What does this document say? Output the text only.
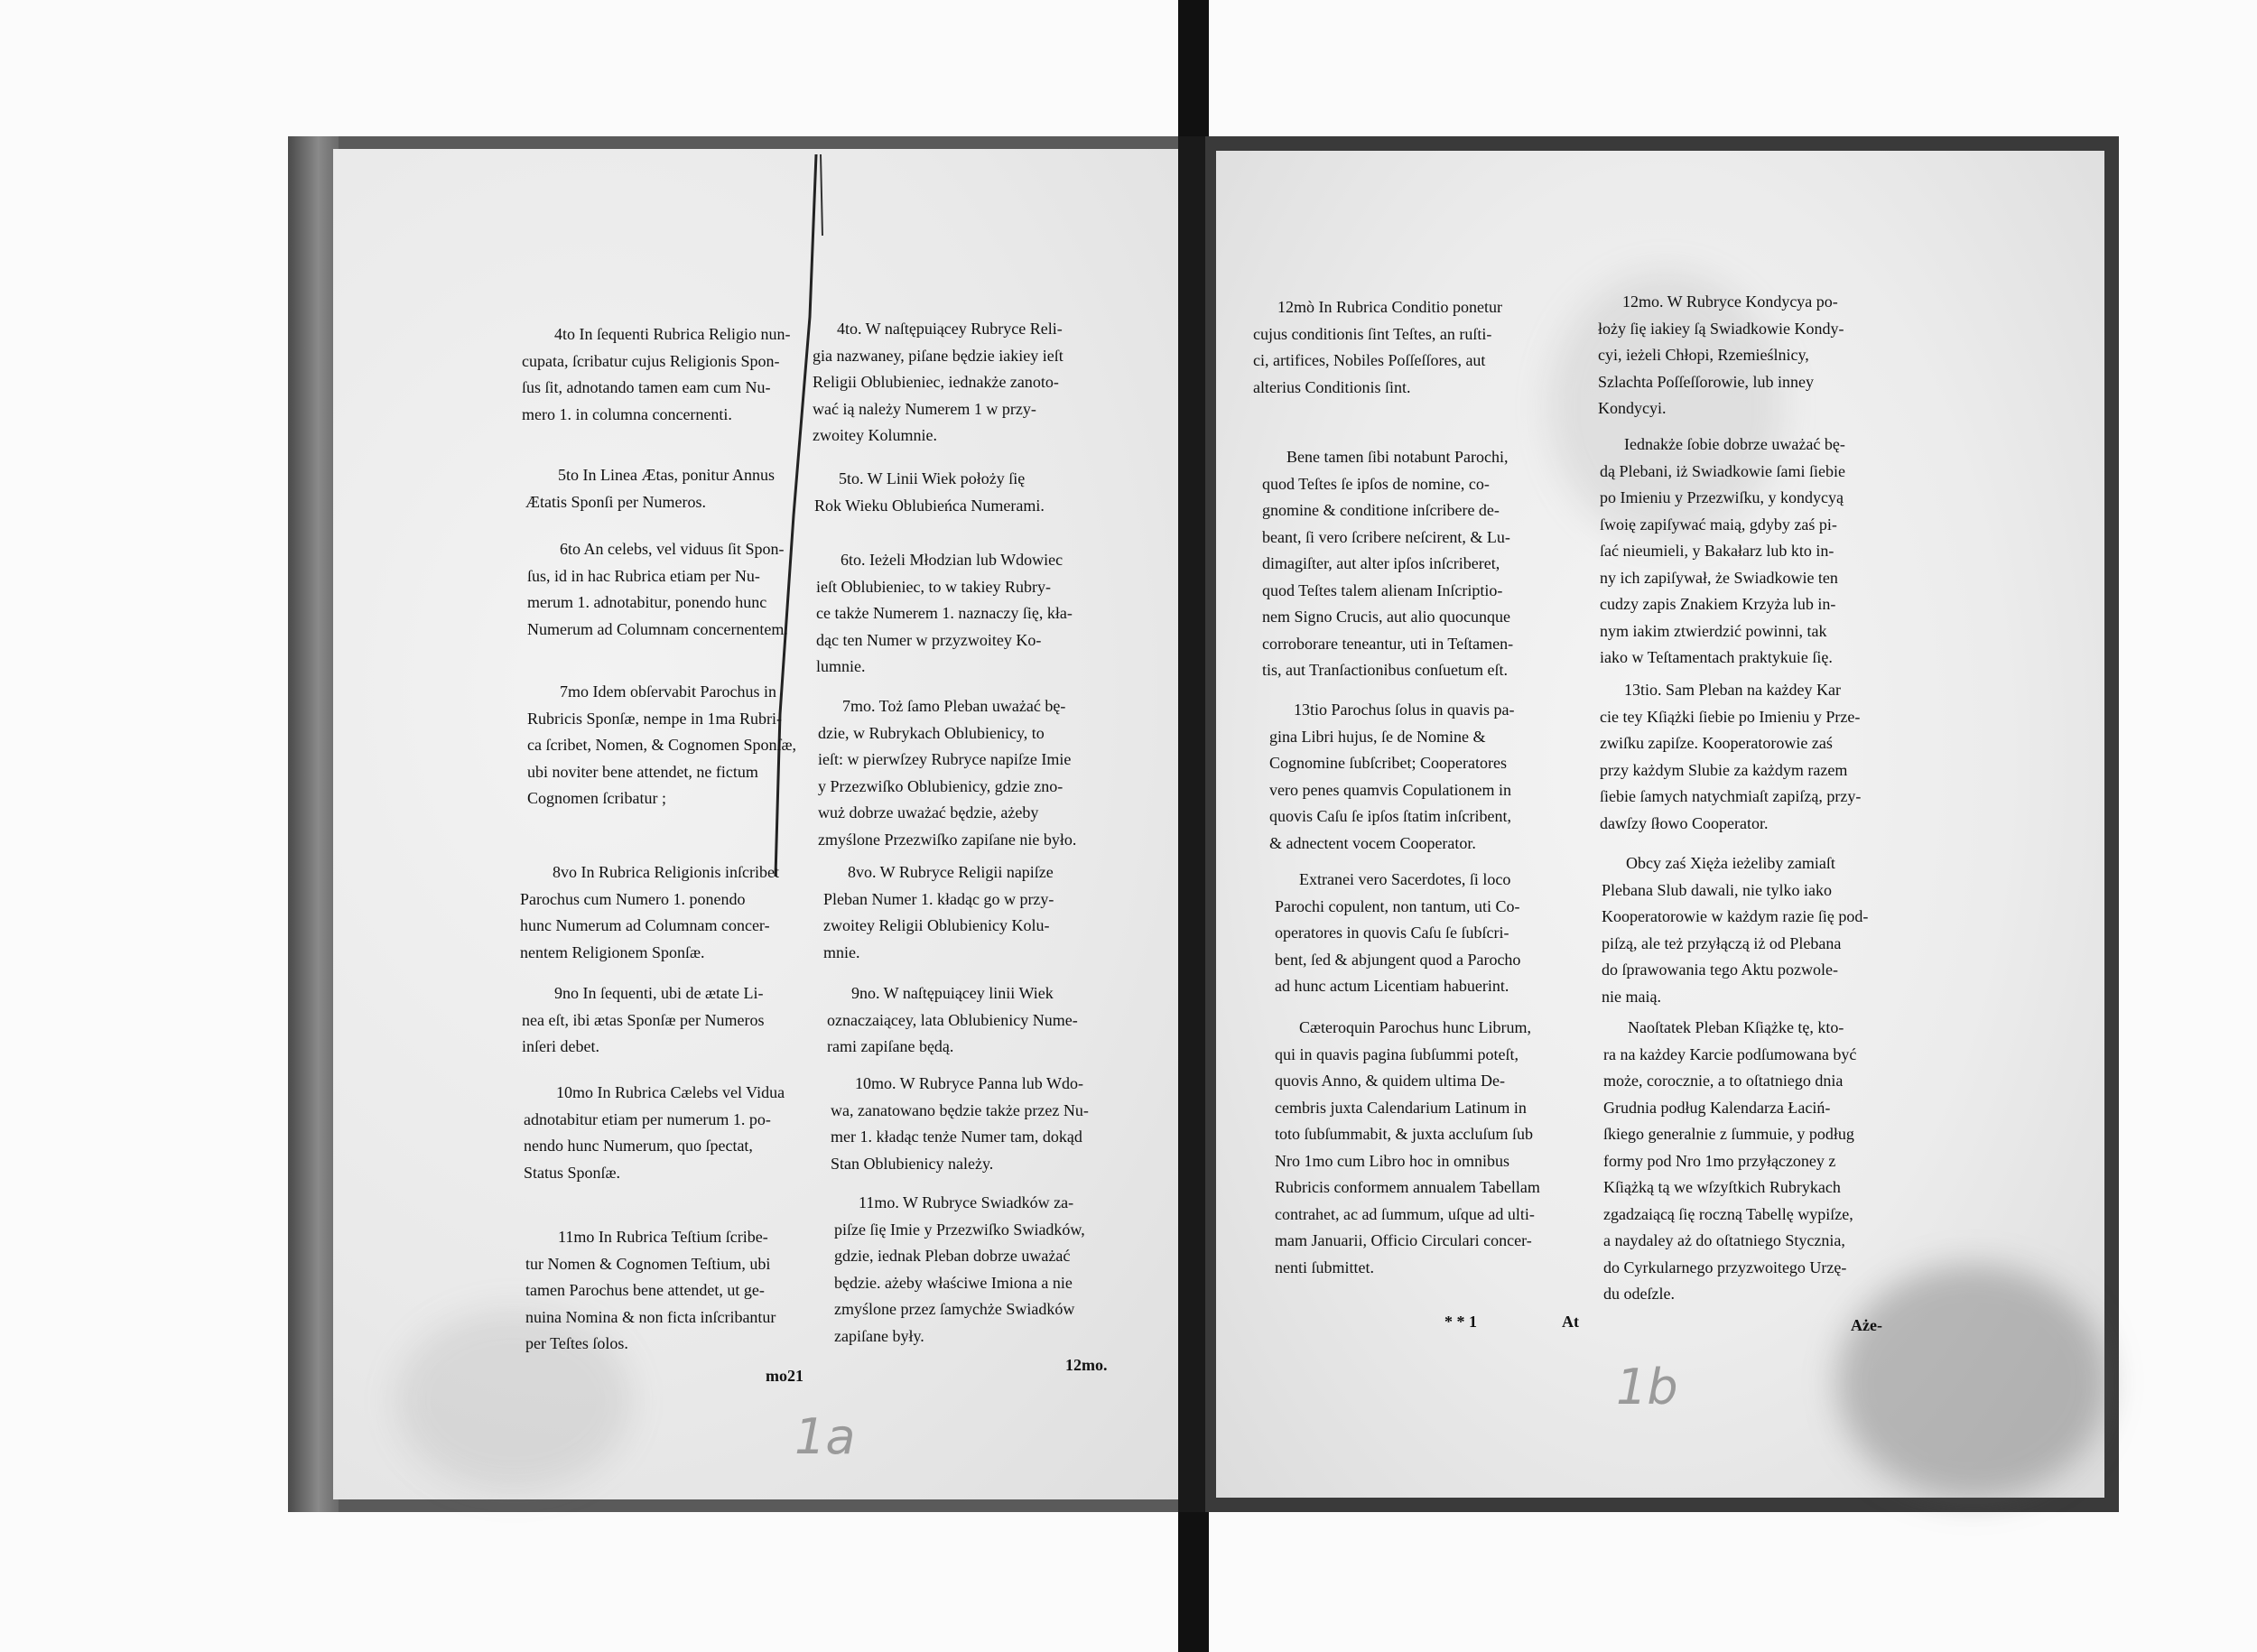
4to In ſequenti Rubrica Religio nun-
cupata, ſcribatur cujus Religionis Spon-
ſus ſit, adnotando tamen eam cum Nu-
mero 1. in columna concernenti.
5to In Linea Ætas, ponitur Annus
Ætatis Sponſi per Numeros.
6to An celebs, vel viduus ſit Spon-
ſus, id in hac Rubrica etiam per Nu-
merum 1. adnotabitur, ponendo hunc
Numerum ad Columnam concernentem.
7mo Idem obſervabit Parochus in
Rubricis Sponſæ, nempe in 1ma Rubri-
ca ſcribet, Nomen, & Cognomen Sponſæ,
ubi noviter bene attendet, ne fictum
Cognomen ſcribatur ;
8vo In Rubrica Religionis inſcribet
Parochus cum Numero 1. ponendo
hunc Numerum ad Columnam concer-
nentem Religionem Sponſæ.
9no In ſequenti, ubi de ætate Li-
nea eſt, ibi ætas Sponſæ per Numeros
inſeri debet.
10mo In Rubrica Cælebs vel Vidua
adnotabitur etiam per numerum 1. po-
nendo hunc Numerum, quo ſpectat,
Status Sponſæ.
11mo In Rubrica Teſtium ſcribe-
tur Nomen & Cognomen Teſtium, ubi
tamen Parochus bene attendet, ut ge-
nuina Nomina & non ficta inſcribantur
per Teſtes ſolos.
mo21
4to. W naſtępuiącey Rubryce Reli-
gia nazwaney, piſane będzie iakiey ieſt
Religii Oblubieniec, iednakże zanoto-
wać ią należy Numerem 1 w przy-
zwoitey Kolumnie.
5to. W Linii Wiek położy ſię
Rok Wieku Oblubieńca Numerami.
6to. Ieżeli Młodzian lub Wdowiec
ieſt Oblubieniec, to w takiey Rubry-
ce także Numerem 1. naznaczy ſię, kła-
dąc ten Numer w przyzwoitey Ko-
lumnie.
7mo. Toż ſamo Pleban uważać bę-
dzie, w Rubrykach Oblubienicy, to
ieſt: w pierwſzey Rubryce napiſze Imie
y Przezwiſko Oblubienicy, gdzie zno-
wuż dobrze uważać będzie, ażeby
zmyślone Przezwiſko zapiſane nie było.
8vo. W Rubryce Religii napiſze
Pleban Numer 1. kładąc go w przy-
zwoitey Religii Oblubienicy Kolu-
mnie.
9no. W naſtępuiącey linii Wiek
oznaczaiącey, lata Oblubienicy Nume-
rami zapiſane będą.
10mo. W Rubryce Panna lub Wdo-
wa, zanatowano będzie także przez Nu-
mer 1. kładąc tenże Numer tam, dokąd
Stan Oblubienicy należy.
11mo. W Rubryce Swiadków za-
piſze ſię Imie y Przezwiſko Swiadków,
gdzie, iednak Pleban dobrze uważać
będzie. ażeby właściwe Imiona a nie
zmyślone przez ſamychże Swiadków
zapiſane były.
12mo.
1a
12mò In Rubrica Conditio ponetur
cujus conditionis ſint Teſtes, an ruſti-
ci, artifices, Nobiles Poſſeſſores, aut
alterius Conditionis ſint.
Bene tamen ſibi notabunt Parochi,
quod Teſtes ſe ipſos de nomine, co-
gnomine & conditione inſcribere de-
beant, ſi vero ſcribere neſcirent, & Lu-
dimagiſter, aut alter ipſos inſcriberet,
quod Teſtes talem alienam Inſcriptio-
nem Signo Crucis, aut alio quocunque
corroborare teneantur, uti in Teſtamen-
tis, aut Tranſactionibus conſuetum eſt.
13tio Parochus ſolus in quavis pa-
gina Libri hujus, ſe de Nomine &
Cognomine ſubſcribet; Cooperatores
vero penes quamvis Copulationem in
quovis Caſu ſe ipſos ſtatim inſcribent,
& adnectent vocem Cooperator.
Extranei vero Sacerdotes, ſi loco
Parochi copulent, non tantum, uti Co-
operatores in quovis Caſu ſe ſubſcri-
bent, ſed & abjungent quod a Parocho
ad hunc actum Licentiam habuerint.
Cæteroquin Parochus hunc Librum,
qui in quavis pagina ſubſummi poteſt,
quovis Anno, & quidem ultima De-
cembris juxta Calendarium Latinum in
toto ſubſummabit, & juxta accluſum ſub
Nro 1mo cum Libro hoc in omnibus
Rubricis conformem annualem Tabellam
contrahet, ac ad ſummum, uſque ad ulti-
mam Januarii, Officio Circulari concer-
nenti ſubmittet.
* * 1	At
12mo. W Rubryce Kondycya po-
łoży ſię iakiey ſą Swiadkowie Kondy-
cyi, ieżeli Chłopi, Rzemieślnicy,
Szlachta Poſſeſſorowie, lub inney
Kondycyi.
Iednakże ſobie dobrze uważać bę-
dą Plebani, iż Swiadkowie ſami ſiebie
po Imieniu y Przezwiſku, y kondycyą
ſwoię zapiſywać maią, gdyby zaś pi-
ſać nieumieli, y Bakałarz lub kto in-
ny ich zapiſywał, że Swiadkowie ten
cudzy zapis Znakiem Krzyża lub in-
nym iakim ztwierdzić powinni, tak
iako w Teſtamentach praktykuie ſię.
13tio. Sam Pleban na każdey Kar
cie tey Kſiążki ſiebie po Imieniu y Prze-
zwiſku zapiſze. Kooperatorowie zaś
przy każdym Slubie za każdym razem
ſiebie ſamych natychmiaſt zapiſzą, przy-
dawſzy ſłowo Cooperator.
Obcy zaś Xięża ieżeliby zamiaſt
Plebana Slub dawali, nie tylko iako
Kooperatorowie w każdym razie ſię pod-
piſzą, ale też przyłączą iż od Plebana
do ſprawowania tego Aktu pozwole-
nie maią.
Naoſtatek Pleban Kſiążke tę, kto-
ra na każdey Karcie podſumowana być
może, corocznie, a to oſtatniego dnia
Grudnia podług Kalendarza Łaciń-
ſkiego generalnie z ſummuie, y podług
formy pod Nro 1mo przyłączoney z
Kſiążką tą we wſzyſtkich Rubrykach
zgadzaiącą ſię roczną Tabellę wypiſze,
a naydaley aż do oſtatniego Stycznia,
do Cyrkularnego przyzwoitego Urzę-
du odeſzle.
Aże-
1b
